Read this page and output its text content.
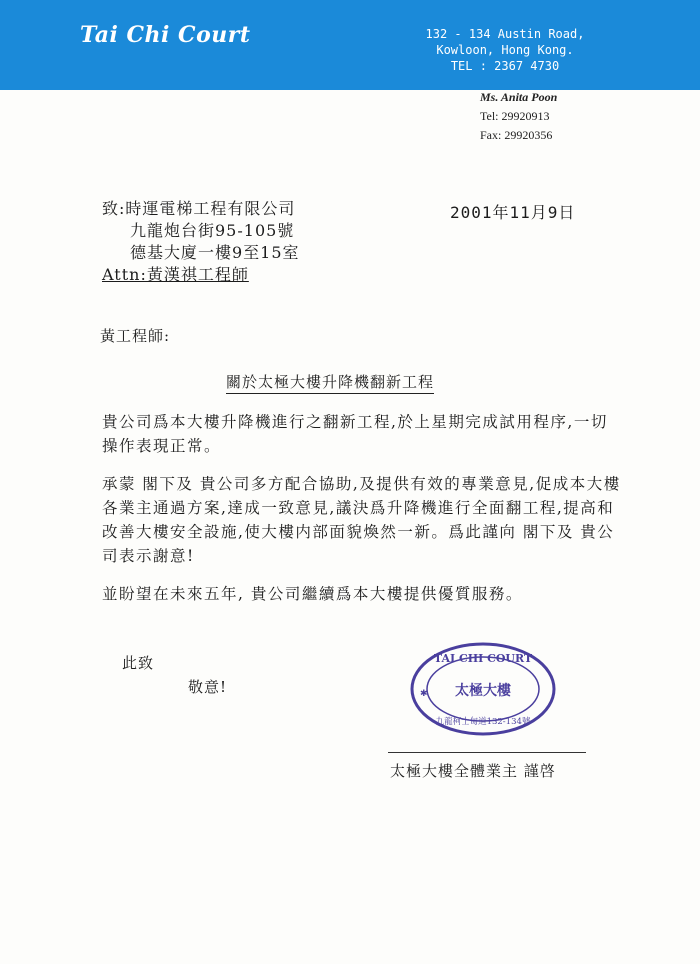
Tai Chi Court	132 - 134 Austin Road,
Kowloon, Hong Kong.
TEL : 2367 4730
Ms. Anita Poon
Tel: 29920913
Fax: 29920356
致:時運電梯工程有限公司
九龍炮台街95-105號
德基大廈一樓9至15室
Attn:黃漢祺工程師
2001年11月9日
黃工程師:
關於太極大樓升降機翻新工程
貴公司爲本大樓升降機進行之翻新工程,於上星期完成試用程序,一切操作表現正常。
承蒙 閣下及 貴公司多方配合協助,及提供有效的專業意見,促成本大樓各業主通過方案,達成一致意見,議決爲升降機進行全面翻工程,提高和改善大樓安全設施,使大樓内部面貌煥然一新。爲此謹向 閣下及 貴公司表示謝意!
並盼望在未來五年, 貴公司繼續爲本大樓提供優質服務。
此致
敬意!
TAI CHI COURT
太極大樓
九龍柯士甸道132-134號
✱
太極大樓全體業主 謹啓
